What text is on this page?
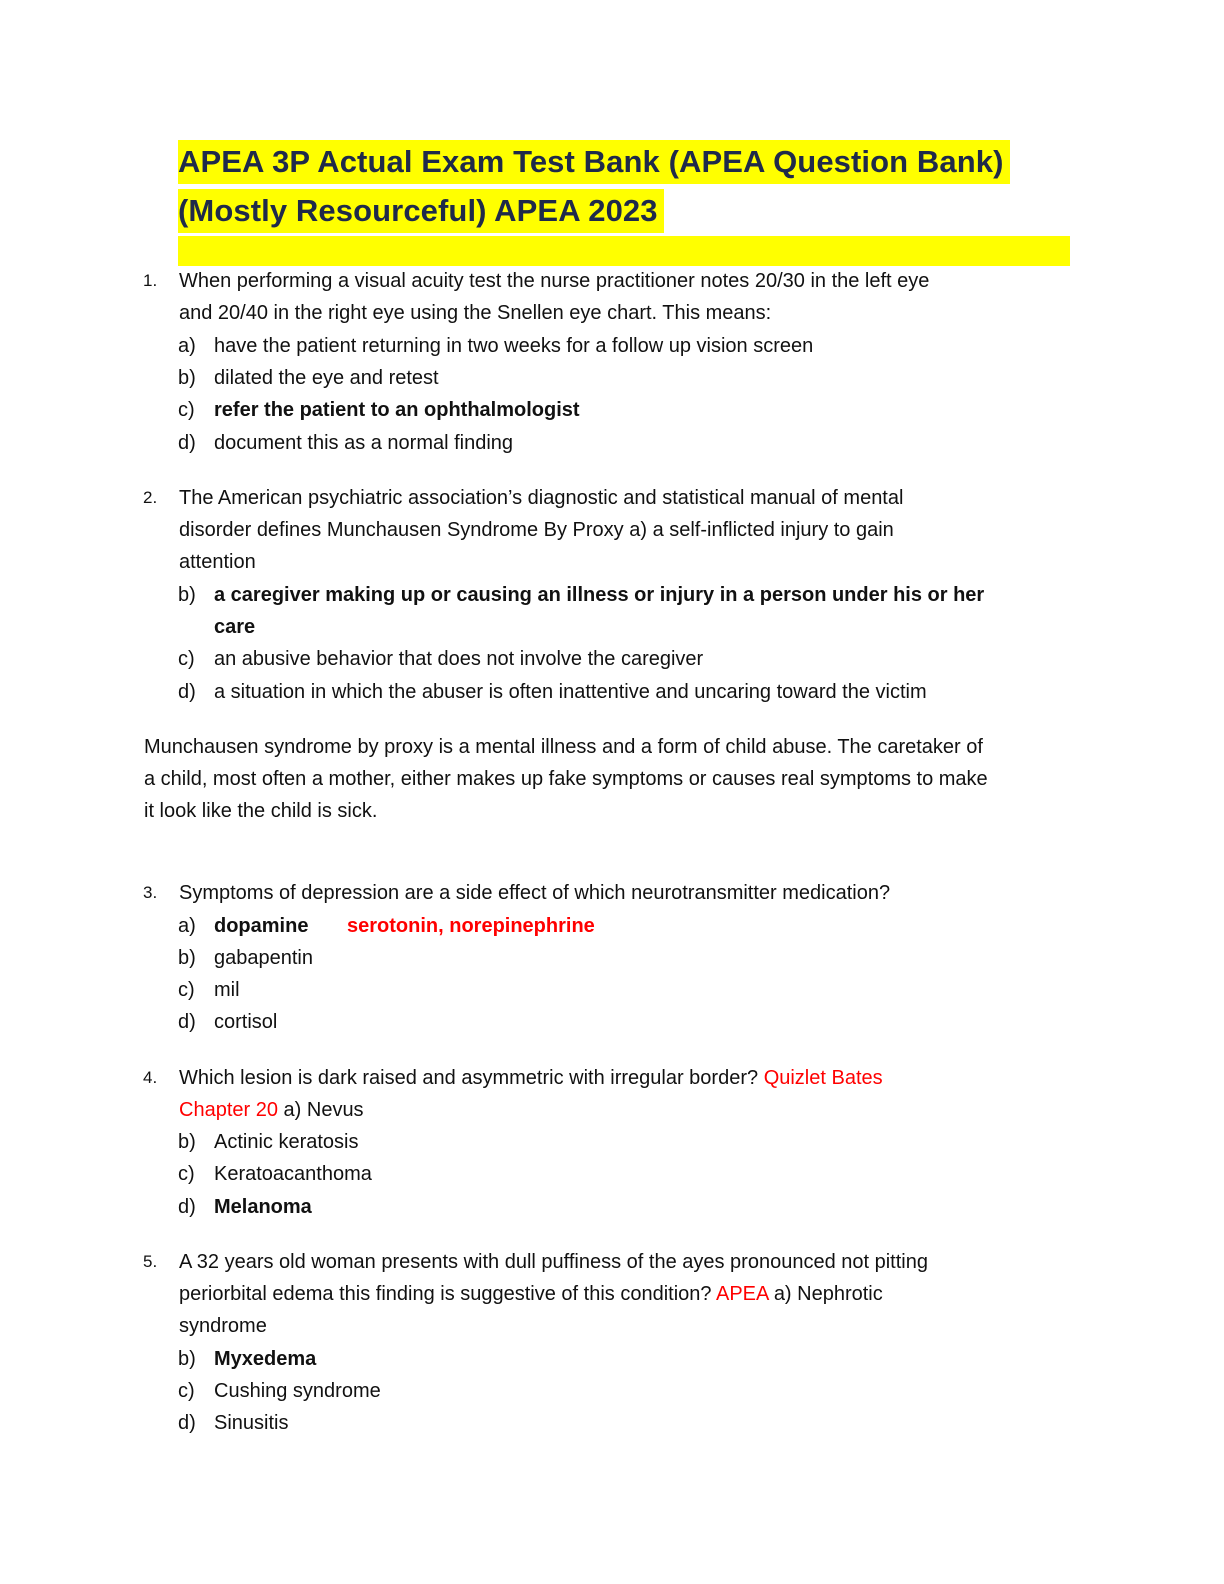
APEA 3P Actual Exam Test Bank (APEA Question Bank)
(Mostly Resourceful) APEA 2023
1. When performing a visual acuity test the nurse practitioner notes 20/30 in the left eye
and 20/40 in the right eye using the Snellen eye chart. This means:
a) have the patient returning in two weeks for a follow up vision screen
b) dilated the eye and retest
c) refer the patient to an ophthalmologist
d) document this as a normal finding
2. The American psychiatric association’s diagnostic and statistical manual of mental
disorder defines Munchausen Syndrome By Proxy a) a self-inflicted injury to gain
attention
b) a caregiver making up or causing an illness or injury in a person under his or her
care
c) an abusive behavior that does not involve the caregiver
d) a situation in which the abuser is often inattentive and uncaring toward the victim
Munchausen syndrome by proxy is a mental illness and a form of child abuse. The caretaker of
a child, most often a mother, either makes up fake symptoms or causes real symptoms to make
it look like the child is sick.
3. Symptoms of depression are a side effect of which neurotransmitter medication?
a) dopamine serotonin, norepinephrine
b) gabapentin
c) mil
d) cortisol
4. Which lesion is dark raised and asymmetric with irregular border? Quizlet Bates
Chapter 20 a) Nevus
b) Actinic keratosis
c) Keratoacanthoma
d) Melanoma
5. A 32 years old woman presents with dull puffiness of the ayes pronounced not pitting
periorbital edema this finding is suggestive of this condition? APEA a) Nephrotic
syndrome
b) Myxedema
c) Cushing syndrome
d) Sinusitis
